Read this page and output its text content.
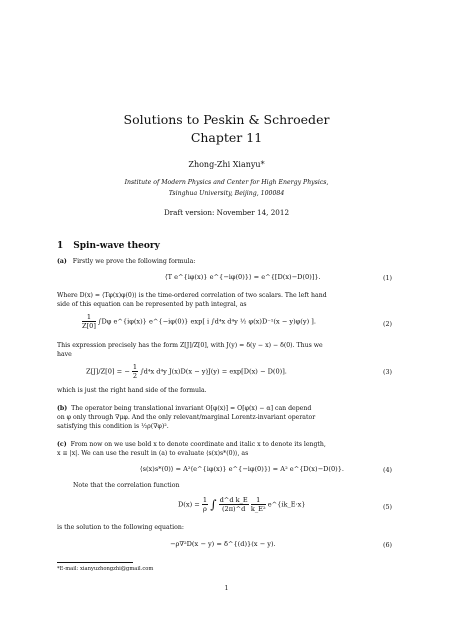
Solutions to Peskin & Schroeder
Chapter 11
Zhong-Zhi Xianyu*
Institute of Modern Physics and Center for High Energy Physics,
Tsinghua University, Beijing, 100084
Draft version: November 14, 2012
1 Spin-wave theory
(a) Firstly we prove the following formula:
⟨T e^{iφ(x)} e^{−iφ(0)}⟩ = e^{[D(x)−D(0)]}.	(1)
Where D(x) = ⟨Tφ(x)φ(0)⟩ is the time-ordered correlation of two scalars. The left hand
side of this equation can be represented by path integral, as
$\frac{1}{Z[0]} \int D\varphi$ e^{iφ(x)} e^{−iφ(0)} exp[ i ∫d⁴x d⁴y ½ φ(x)D⁻¹(x − y)φ(y) ].	(2)
This expression precisely has the form Z[J]/Z[0], with J(y) = δ(y − x) − δ(0). Thus we
have
Z[J]/Z[0] = − $\frac{1}{2} \int d^4x$ d⁴y J(x)D(x − y)J(y) = exp[D(x) − D(0)].	(3)
which is just the right hand side of the formula.
(b) The operator being translational invariant O[φ(x)] = O[φ(x) − α] can depend
on φ only through ∇μφ. And the only relevant/marginal Lorentz-invariant operator
satisfying this condition is ½ρ(∇φ)².
(c) From now on we use bold x to denote coordinate and italic x to denote its length,
x ≡ |x|. We can use the result in (a) to evaluate ⟨s(x)s*(0)⟩, as
⟨s(x)s*(0)⟩ = A²⟨e^{iφ(x)} e^{−iφ(0)}⟩ = A² e^{D(x)−D(0)}.	(4)
Note that the correlation function
$D(x) = \frac{1}{\rho}$ ∫ $\frac{\text{d\textasciicircum{}d k\_E}}{(2\pi)\^{}d}$
$\frac{1}{\text{k\_E²}}$ e^{ik_E·x}	(5)
is the solution to the following equation:
−ρ∇²D(x − y) = δ^{(d)}(x − y).	(6)
*E-mail: xianyuzhongzhi@gmail.com
1
